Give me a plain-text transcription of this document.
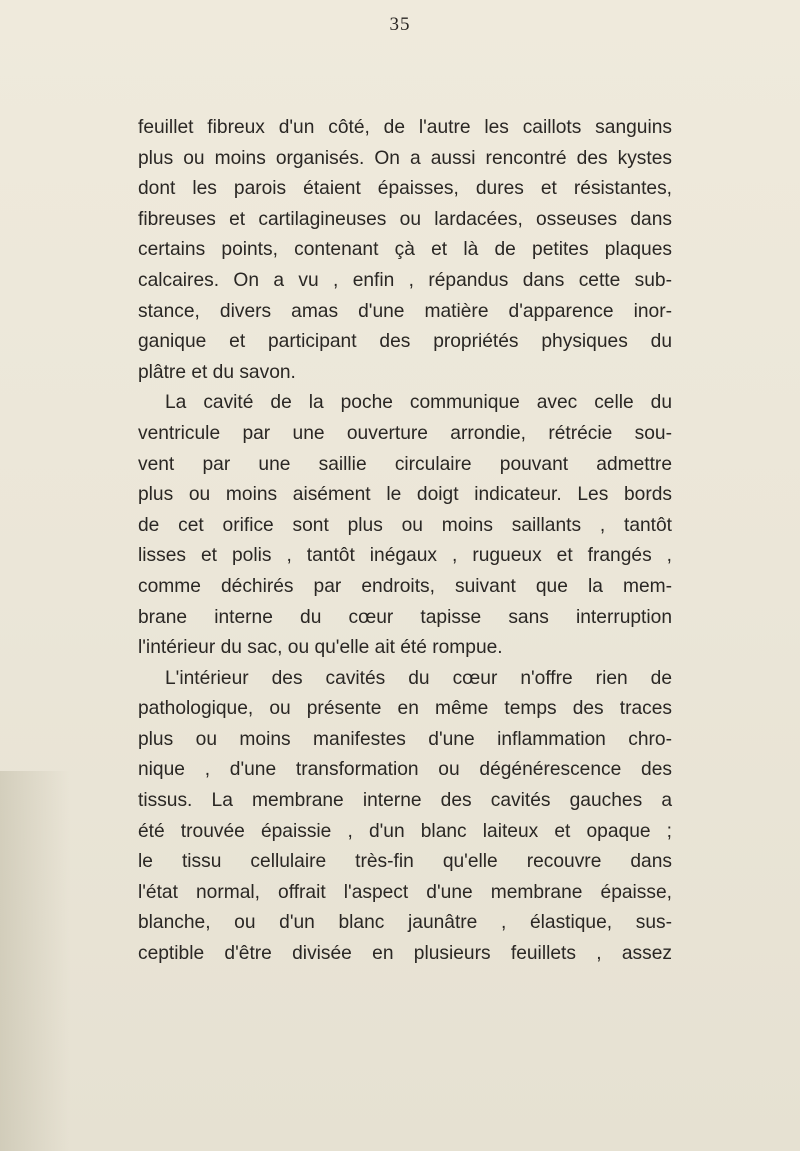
35
feuillet fibreux d'un côté, de l'autre les caillots sanguins
plus ou moins organisés. On a aussi rencontré des kystes
dont les parois étaient épaisses, dures et résistantes,
fibreuses et cartilagineuses ou lardacées, osseuses dans
certains points, contenant çà et là de petites plaques
calcaires. On a vu , enfin , répandus dans cette sub-
stance, divers amas d'une matière d'apparence inor-
ganique et participant des propriétés physiques du
plâtre et du savon.
La cavité de la poche communique avec celle du
ventricule par une ouverture arrondie, rétrécie sou-
vent par une saillie circulaire pouvant admettre
plus ou moins aisément le doigt indicateur. Les bords
de cet orifice sont plus ou moins saillants , tantôt
lisses et polis , tantôt inégaux , rugueux et frangés ,
comme déchirés par endroits, suivant que la mem-
brane interne du cœur tapisse sans interruption
l'intérieur du sac, ou qu'elle ait été rompue.
L'intérieur des cavités du cœur n'offre rien de
pathologique, ou présente en même temps des traces
plus ou moins manifestes d'une inflammation chro-
nique , d'une transformation ou dégénérescence des
tissus. La membrane interne des cavités gauches a
été trouvée épaissie , d'un blanc laiteux et opaque ;
le tissu cellulaire très-fin qu'elle recouvre dans
l'état normal, offrait l'aspect d'une membrane épaisse,
blanche, ou d'un blanc jaunâtre , élastique, sus-
ceptible d'être divisée en plusieurs feuillets , assez
